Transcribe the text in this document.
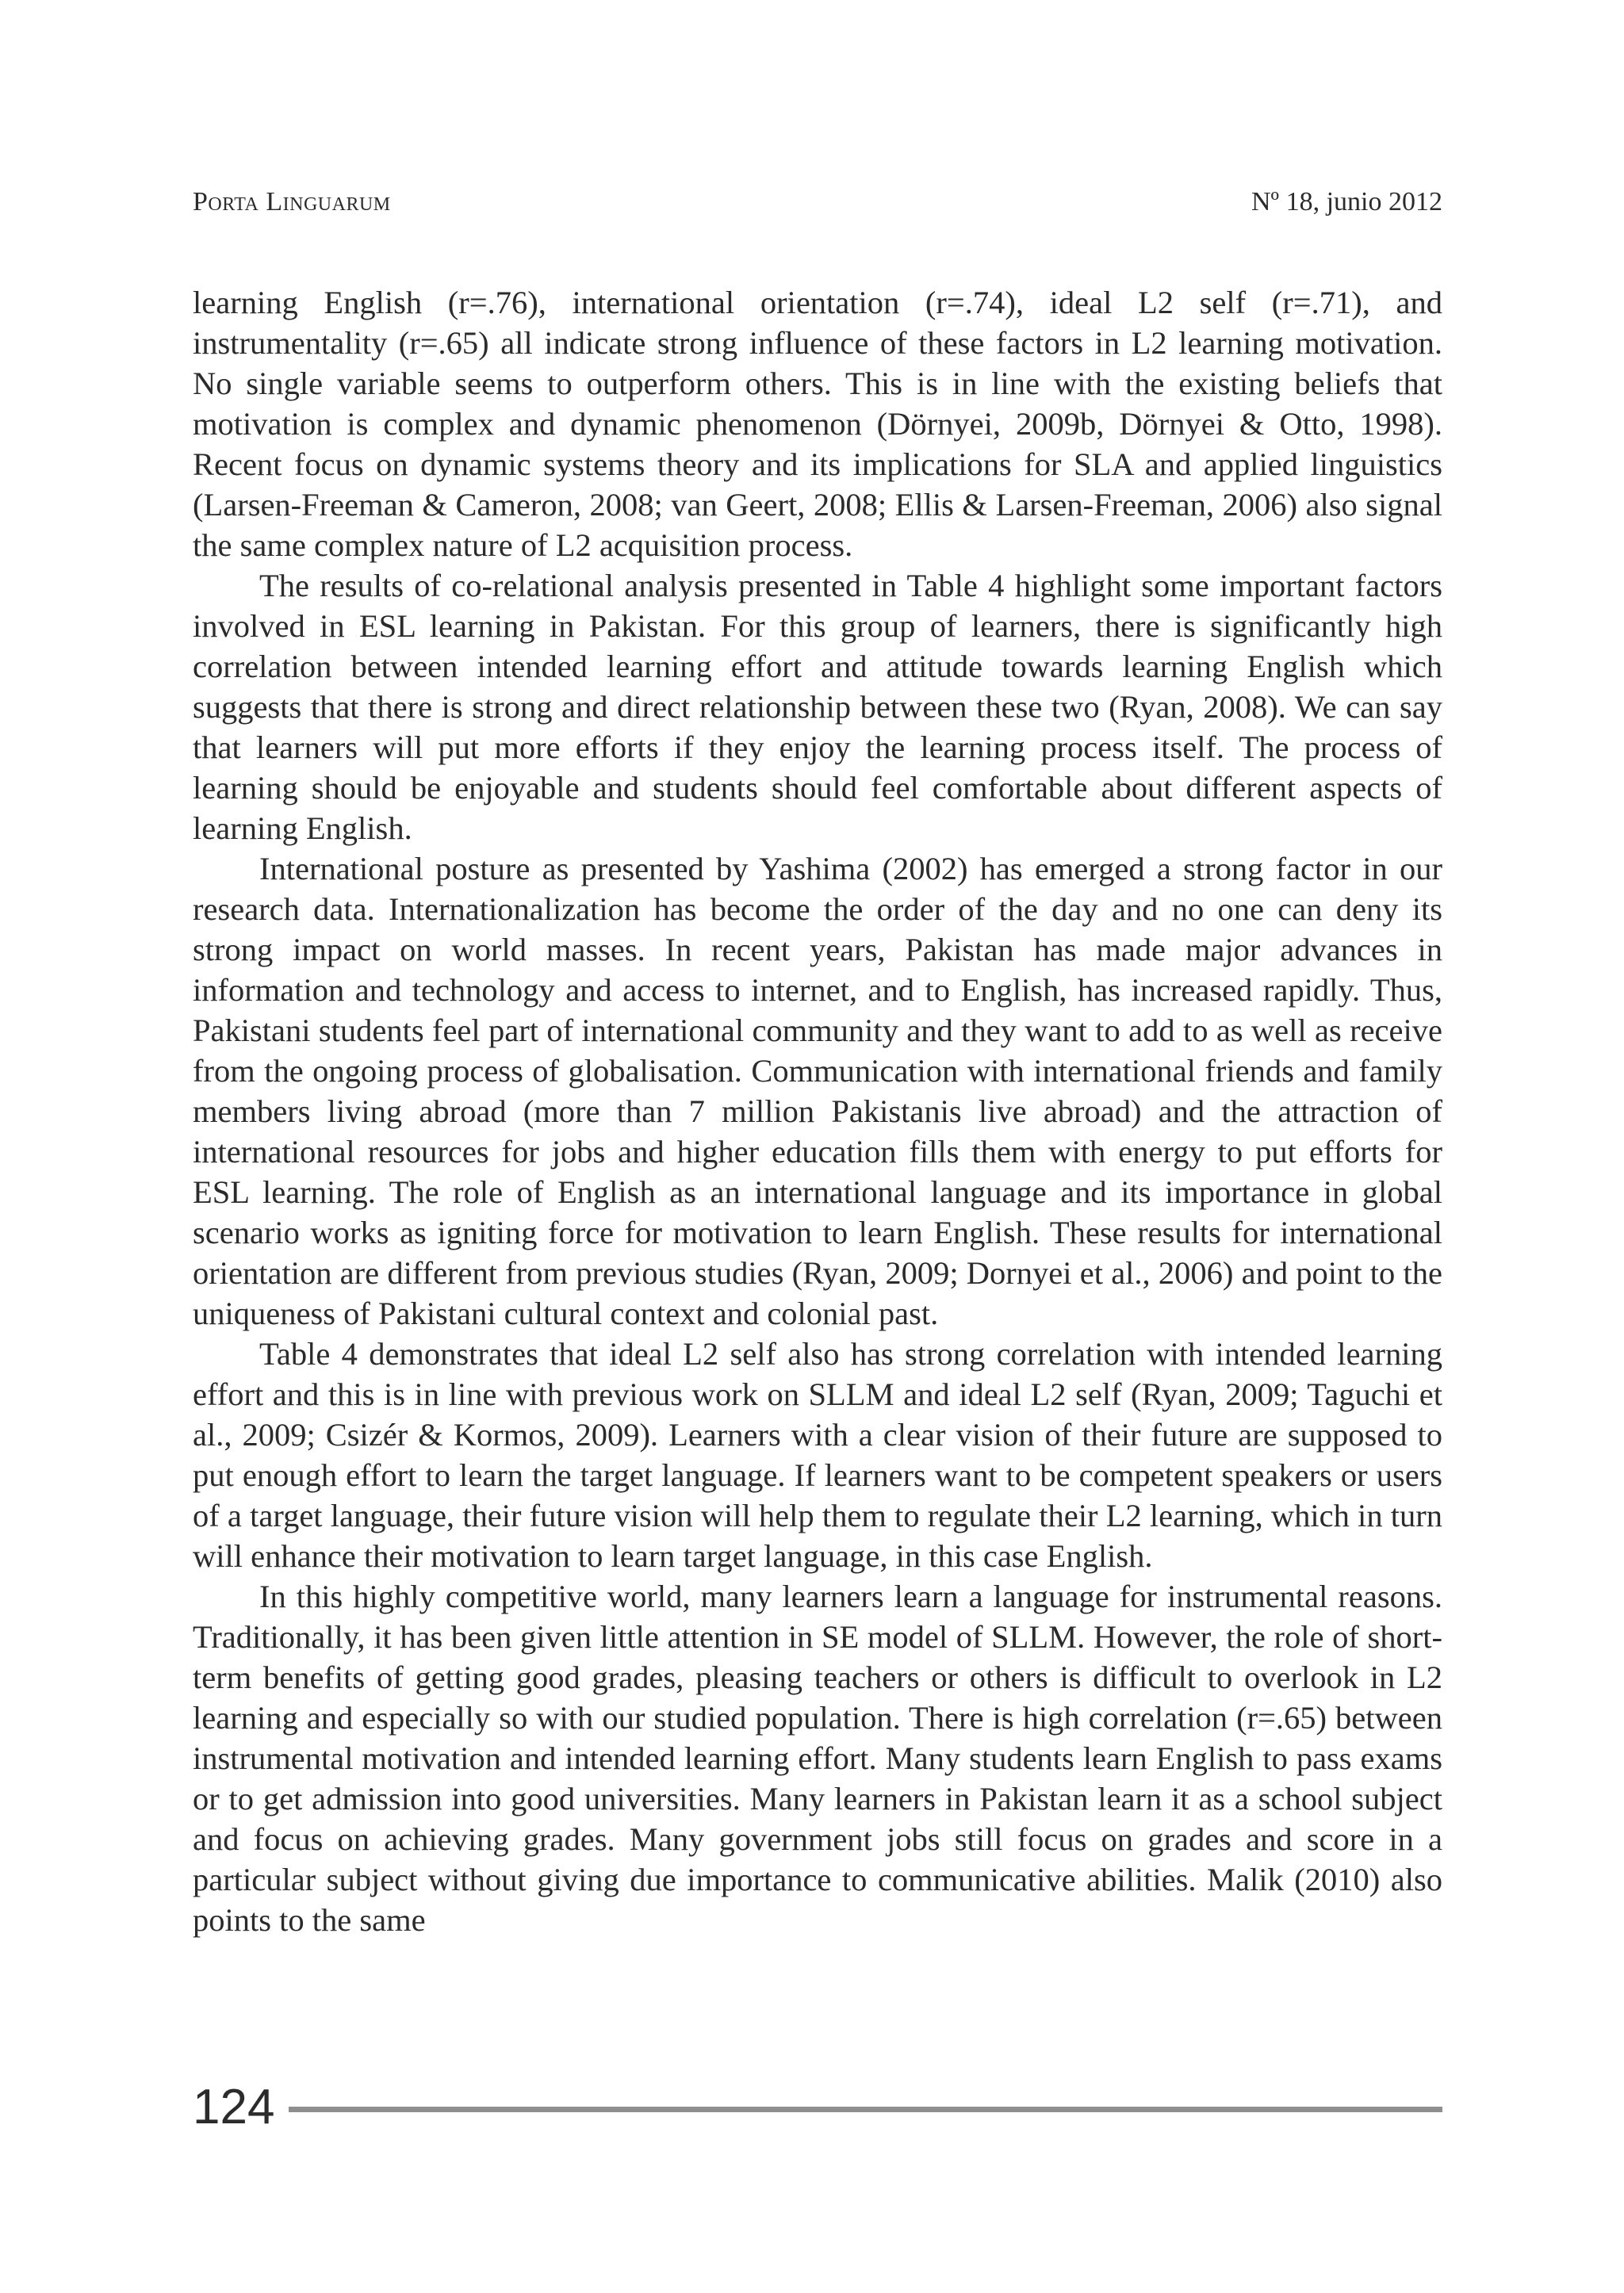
Porta Linguarum	Nº 18, junio 2012

learning English (r=.76), international orientation (r=.74), ideal L2 self (r=.71), and instrumentality (r=.65) all indicate strong influence of these factors in L2 learning motivation. No single variable seems to outperform others. This is in line with the existing beliefs that motivation is complex and dynamic phenomenon (Dörnyei, 2009b, Dörnyei & Otto, 1998). Recent focus on dynamic systems theory and its implications for SLA and applied linguistics (Larsen-Freeman & Cameron, 2008; van Geert, 2008; Ellis & Larsen-Freeman, 2006) also signal the same complex nature of L2 acquisition process.

The results of co-relational analysis presented in Table 4 highlight some important factors involved in ESL learning in Pakistan. For this group of learners, there is significantly high correlation between intended learning effort and attitude towards learning English which suggests that there is strong and direct relationship between these two (Ryan, 2008). We can say that learners will put more efforts if they enjoy the learning process itself. The process of learning should be enjoyable and students should feel comfortable about different aspects of learning English.

International posture as presented by Yashima (2002) has emerged a strong factor in our research data. Internationalization has become the order of the day and no one can deny its strong impact on world masses. In recent years, Pakistan has made major advances in information and technology and access to internet, and to English, has increased rapidly. Thus, Pakistani students feel part of international community and they want to add to as well as receive from the ongoing process of globalisation. Communication with international friends and family members living abroad (more than 7 million Pakistanis live abroad) and the attraction of international resources for jobs and higher education fills them with energy to put efforts for ESL learning. The role of English as an international language and its importance in global scenario works as igniting force for motivation to learn English. These results for international orientation are different from previous studies (Ryan, 2009; Dornyei et al., 2006) and point to the uniqueness of Pakistani cultural context and colonial past.

Table 4 demonstrates that ideal L2 self also has strong correlation with intended learning effort and this is in line with previous work on SLLM and ideal L2 self (Ryan, 2009; Taguchi et al., 2009; Csizér & Kormos, 2009). Learners with a clear vision of their future are supposed to put enough effort to learn the target language. If learners want to be competent speakers or users of a target language, their future vision will help them to regulate their L2 learning, which in turn will enhance their motivation to learn target language, in this case English.

In this highly competitive world, many learners learn a language for instrumental reasons. Traditionally, it has been given little attention in SE model of SLLM. However, the role of short-term benefits of getting good grades, pleasing teachers or others is difficult to overlook in L2 learning and especially so with our studied population. There is high correlation (r=.65) between instrumental motivation and intended learning effort. Many students learn English to pass exams or to get admission into good universities. Many learners in Pakistan learn it as a school subject and focus on achieving grades. Many government jobs still focus on grades and score in a particular subject without giving due importance to communicative abilities. Malik (2010) also points to the same

124
